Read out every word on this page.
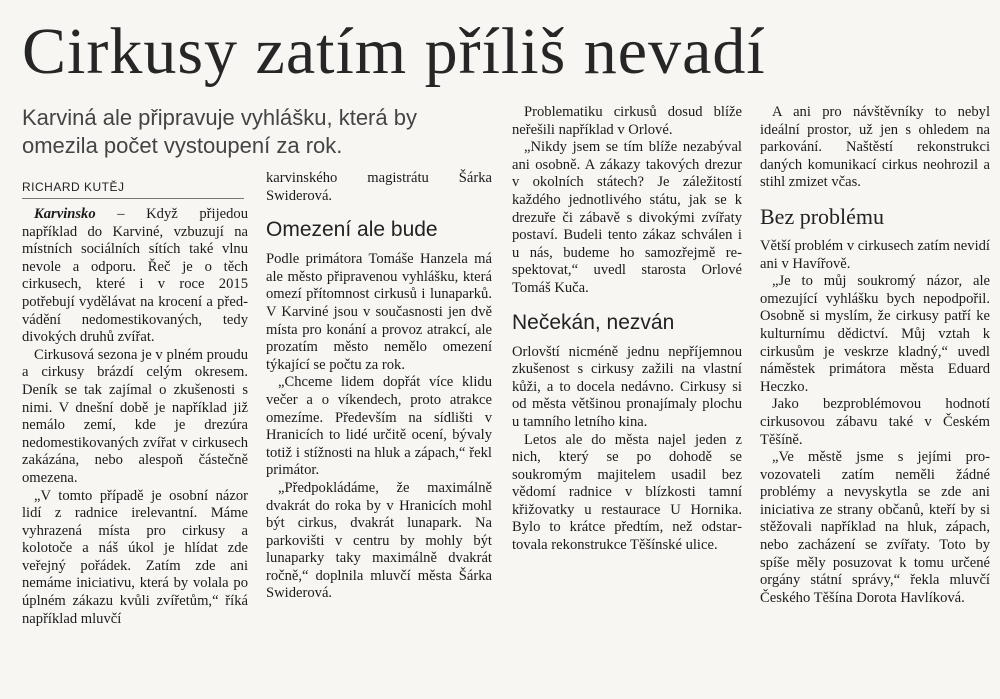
Cirkusy zatím příliš nevadí

Karviná ale připravuje vyhlášku, která by omezila počet vystoupení za rok.

RICHARD KUTĚJ

Karvinsko – Když přijedou například do Karviné, vzbuzují na místních sociálních sítích také vlnu nevole a odporu. Řeč je o těch cirkusech, které i v roce 2015 potřebují vydělávat na krocení a předvádění nedomestikovaných, tedy divokých druhů zvířat.

Cirkusová sezona je v plném proudu a cirkusy brázdí celým okresem. Deník se tak zajímal o zkušenosti s nimi. V dnešní době je například již nemálo zemí, kde je drezúra nedomestikovaných zvířat v cirkusech zakázána, nebo alespoň částečně omezena.

„V tomto případě je osobní názor lidí z radnice irelevantní. Máme vyhrazená místa pro cirkusy a kolotoče a náš úkol je hlídat zde veřejný pořádek. Zatím zde ani nemáme iniciativu, která by volala po úplném zákazu kvůli zvířetům,“ říká například mluvčí

karvinského magistrátu Šárka Swiderová.

Omezení ale bude

Podle primátora Tomáše Hanzela má ale město připravenou vyhlášku, která omezí přítomnost cirkusů i lunaparků. V Karviné jsou v současnosti jen dvě místa pro konání a provoz atrakcí, ale prozatím město nemělo omezení týkající se počtu za rok.

„Chceme lidem dopřát více klidu večer a o víkendech, proto atrakce omezíme. Především na sídlišti v Hranicích to lidé určitě ocení, bývaly totiž i stížnosti na hluk a zápach,“ řekl primátor.

„Předpokládáme, že maximálně dvakrát do roka by v Hranicích mohl být cirkus, dvakrát lunapark. Na parkovišti v centru by mohly být lunaparky taky maximálně dvakrát ročně,“ doplnila mluvčí města Šárka Swiderová.

Problematiku cirkusů dosud blíže neřešili například v Orlové.

„Nikdy jsem se tím blíže nezabýval ani osobně. A zákazy takových drezur v okolních státech? Je záležitostí každého jednotlivého státu, jak se k drezuře či zábavě s divokými zvířaty postaví. Budeli tento zákaz schválen i u nás, budeme ho samozřejmě respektovat,“ uvedl starosta Orlové Tomáš Kuča.

Nečekán, nezván

Orlovští nicméně jednu nepříjemnou zkušenost s cirkusy zažili na vlastní kůži, a to docela nedávno. Cirkusy si od města většinou pronajímaly plochu u tamního letního kina.

Letos ale do města najel jeden z nich, který se po dohodě se soukromým majitelem usadil bez vědomí radnice v blízkosti tamní křižovatky u restaurace U Hornika. Bylo to krátce předtím, než odstartovala rekonstrukce Těšínské ulice.

A ani pro návštěvníky to nebyl ideální prostor, už jen s ohledem na parkování. Naštěstí rekonstrukci daných komunikací cirkus neohrozil a stihl zmizet včas.

Bez problému

Větší problém v cirkusech zatím nevidí ani v Havířově.

„Je to můj soukromý názor, ale omezující vyhlášku bych nepodpořil. Osobně si myslím, že cirkusy patří ke kulturnímu dědictví. Můj vztah k cirkusům je veskrze kladný,“ uvedl náměstek primátora města Eduard Heczko.

Jako bezproblémovou hodnotí cirkusovou zábavu také v Českém Těšíně.

„Ve městě jsme s jejími provozovateli zatím neměli žádné problémy a nevyskytla se zde ani iniciativa ze strany občanů, kteří by si stěžovali například na hluk, zápach, nebo zacházení se zvířaty. Toto by spíše měly posuzovat k tomu určené orgány státní správy,“ řekla mluvčí Českého Těšína Dorota Havlíková.
